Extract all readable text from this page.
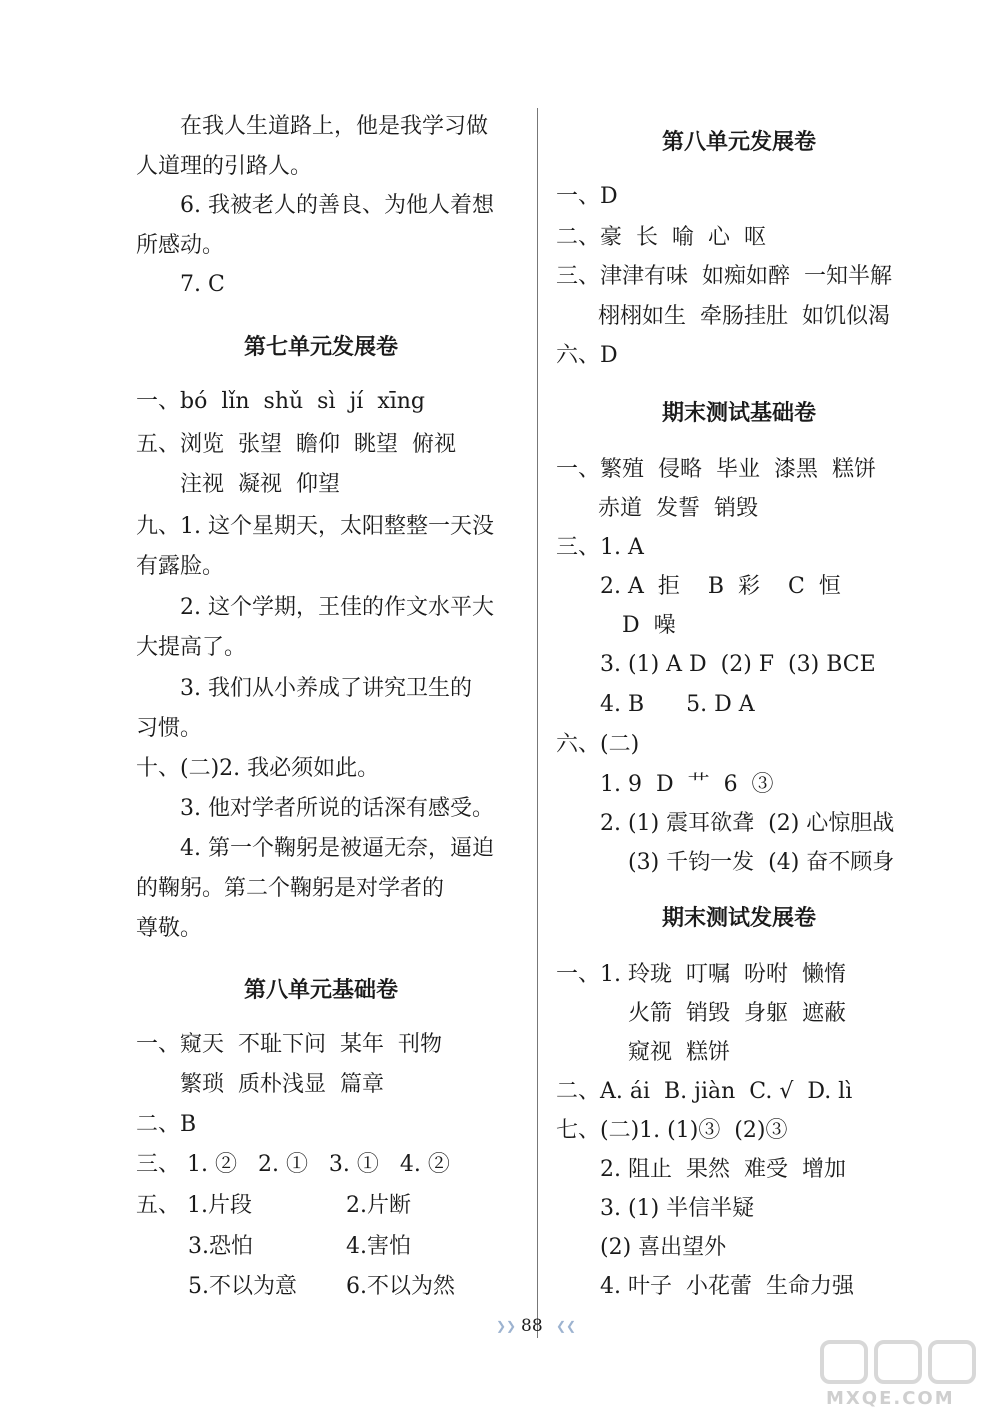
第七单元发展卷
第八单元基础卷
在我人生道路上，他是我学习做
人道理的引路人。
6. 我被老人的善良、为他人着想
所感动。
7. C
一、bó  lǐn  shǔ  sì  jí  xīng
五、浏览  张望  瞻仰  眺望  俯视
注视  凝视  仰望
九、1. 这个星期天，太阳整整一天没
有露脸。
2. 这个学期，王佳的作文水平大
大提高了。
3. 我们从小养成了讲究卫生的
习惯。
十、(二)2. 我必须如此。
3. 他对学者所说的话深有感受。
4. 第一个鞠躬是被逼无奈，逼迫
的鞠躬。第二个鞠躬是对学者的
尊敬。
一、窥天  不耻下问  某年  刊物
繁琐  质朴浅显  篇章
二、B
三、 1. ②   2. ①   3. ①   4. ②
五、 1.片段	2.片断
3.恐怕	4.害怕
5.不以为意 6.不以为然
第八单元发展卷
期末测试基础卷
期末测试发展卷
一、D
二、豪  长  喻  心  呕
三、津津有味  如痴如醉  一知半解
栩栩如生  牵肠挂肚  如饥似渴
六、D
一、繁殖  侵略  毕业  漆黑  糕饼
赤道  发誓  销毁
三、1. A
2. A  拒    B  彩    C  恒
D  噪
3. (1) A D  (2) F  (3) BCE
4. B      5. D A
六、(二)
1. 9  D  艹  6  ③
2. (1) 震耳欲聋  (2) 心惊胆战
(3) 千钧一发  (4) 奋不顾身
一、1. 玲珑  叮嘱  吩咐  懒惰
火箭  销毁  身躯  遮蔽
窥视  糕饼
二、A. ái  B. jiàn  C. √  D. lì
七、(二)1. (1)③  (2)③
2. 阻止  果然  难受  增加
3. (1) 半信半疑
(2) 喜出望外
4. 叶子  小花蕾  生命力强
❯❯ 88 ❮❮
MXQE.COM
